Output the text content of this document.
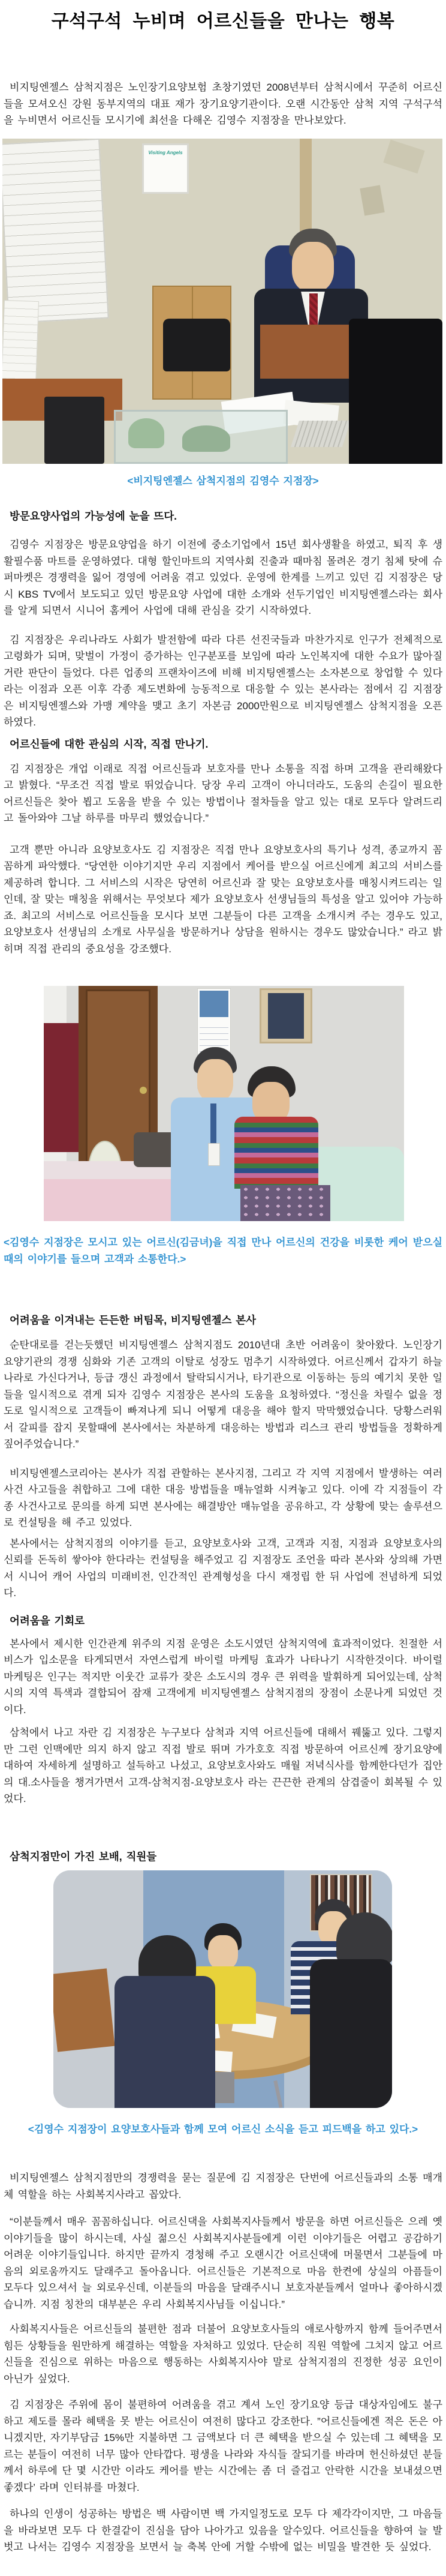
구석구석 누비며 어르신들을 만나는 행복

비지팅엔젤스 삼척지점은 노인장기요양보험 초창기였던 2008년부터 삼척시에서 꾸준히 어르신들을 모셔오신 강원 동부지역의 대표 재가 장기요양기관이다. 오랜 시간동안 삼척 지역 구석구석을 누비면서 어르신들 모시기에 최선을 다해온 김영수 지점장을 만나보았다.

Visiting Angels
<비지팅엔젤스 삼척지점의 김영수 지점장>
방문요양사업의 가능성에 눈을 뜨다.

김영수 지점장은 방문요양업을 하기 이전에 중소기업에서 15년 회사생활을 하였고, 퇴직 후 생활필수품 마트를 운영하였다. 대형 할인마트의 지역사회 진출과 때마침 몰려온 경기 침체 탓에 슈퍼마켓은 경쟁력을 잃어 경영에 어려움 겪고 있었다. 운영에 한계를 느끼고 있던 김 지점장은 당시 KBS TV에서 보도되고 있던 방문요양 사업에 대한 소개와 선두기업인 비지팅엔젤스라는 회사를 알게 되면서 시니어 홈케어 사업에 대해 관심을 갖기 시작하였다.

김 지점장은 우리나라도 사회가 발전함에 따라 다른 선진국들과 마찬가지로 인구가 전체적으로 고령화가 되며, 맞벌이 가정이 증가하는 인구분포를 보임에 따라 노인복지에 대한 수요가 많아질 거란 판단이 들었다. 다른 업종의 프랜차이즈에 비해 비지팅엔젤스는 소자본으로 창업할 수 있다라는 이점과 오픈 이후 각종 제도변화에 능동적으로 대응할 수 있는 본사라는 점에서 김 지점장은 비지팅엔젤스와 가맹 계약을 맺고 초기 자본금 2000만원으로 비지팅엔젤스 삼척지점을 오픈하였다.

어르신들에 대한 관심의 시작, 직접 만나기.

김 지점장은 개업 이래로 직접 어르신들과 보호자를 만나 소통을 직접 하며 고객을 관리해왔다고 밝혔다. “무조건 직접 발로 뛰었습니다. 당장 우리 고객이 아니더라도, 도움의 손길이 필요한 어르신들은 찾아 뵙고 도움을 받을 수 있는 방법이나 절차들을 알고 있는 대로 모두다 알려드리고 돌아와야 그날 하루를 마무리 했었습니다.”

고객 뿐만 아니라 요양보호사도 김 지점장은 직접 만나 요양보호사의 특기나 성격, 종교까지 꼼꼼하게 파악했다. “당연한 이야기지만 우리 지점에서 케어를 받으실 어르신에게 최고의 서비스를 제공하려 합니다. 그 서비스의 시작은 당연히 어르신과 잘 맞는 요양보호사를 매칭시켜드리는 일인데, 잘 맞는 매칭을 위해서는 무엇보다 제가 요양보호사 선생님들의 특성을 알고 있어야 가능하죠. 최고의 서비스로 어르신들을 모시다 보면 그분들이 다른 고객을 소개시켜 주는 경우도 있고, 요양보호사 선생님의 소개로 사무실을 방문하거나 상담을 원하시는 경우도 많았습니다.” 라고 밝히며 직접 관리의 중요성을 강조했다.

<김영수 지점장은 모시고 있는 어르신(김금녀)을 직접 만나 어르신의 건강을 비롯한 케어 받으실 때의 이야기를 들으며 고객과 소통한다.>
어려움을 이겨내는 든든한 버팀목, 비지팅엔젤스 본사

순탄대로를 걷는듯했던 비지팅엔젤스 삼척지점도 2010년대 초반 어려움이 찾아왔다. 노인장기요양기관의 경쟁 심화와 기존 고객의 이탈로 성장도 멈추기 시작하였다. 어르신께서 갑자기 하늘나라로 가신다거나, 등급 갱신 과정에서 탈락되시거나, 타기관으로 이동하는 등의 예기치 못한 일들을 일시적으로 겪게 되자 김영수 지점장은 본사의 도움을 요청하였다. “정신을 차릴수 없을 정도로 일시적으로 고객들이 빠져나게 되니 어떻게 대응을 해야 할지 막막했었습니다. 당황스러워서 갈피를 잡지 못할때에 본사에서는 차분하게 대응하는 방법과 리스크 관리 방법들을 정확하게 짚어주었습니다.”

비지팅엔젤스코리아는 본사가 직접 관할하는 본사지점, 그리고 각 지역 지점에서 발생하는 여러 사건 사고들을 취합하고 그에 대한 대응 방법들을 매뉴얼화 시켜놓고 있다. 이에 각 지점들이 각종 사건사고로 문의를 하게 되면 본사에는 해결방안 매뉴얼을 공유하고, 각 상황에 맞는 솔루션으로 컨설팅을 해 주고 있었다.

본사에서는 삼척지점의 이야기를 듣고, 요양보호사와 고객, 고객과 지점, 지점과 요양보호사의 신뢰를 돈독히 쌓아야 한다라는 컨설팅을 해주었고 김 지점장도 조언을 따라 본사와 상의해 가면서 시니어 캐어 사업의 미래비전, 인간적인 관계형성을 다시 재정립 한 뒤 사업에 전념하게 되었다.

어려움을 기회로

본사에서 제시한 인간관계 위주의 지점 운영은 소도시였던 삼척지역에 효과적이었다. 친절한 서비스가 입소문을 타게되면서 자연스럽게 바이럴 마케팅 효과가 나타나기 시작한것이다. 바이럴 마케팅은 인구는 적지만 이웃간 교류가 잦은 소도시의 경우 큰 위력을 발휘하게 되어있는데, 삼척시의 지역 특색과 결합되어 잠재 고객에게 비지팅엔젤스 삼척지점의 장점이 소문나게 되었던 것이다.

삼척에서 나고 자란 김 지점장은 누구보다 삼척과 지역 어르신들에 대해서 꿰뚫고 있다. 그렇지만 그런 인맥에만 의지 하지 않고 직접 발로 뛰며 가가호호 직접 방문하여 어르신께 장기요양에 대하여 자세하게 설명하고 설득하고 나섰고, 요양보호사와도 매월 저녁식사를 함께한다던가 집안의 대.소사들을 챙겨가면서 고객-삼척지점-요양보호사 라는 끈끈한 관계의 삼겹줄이 회복될 수 있었다.

삼척지점만이 가진 보배, 직원들
<김영수 지점장이 요양보호사들과 함께 모여 어르신 소식을 듣고 피드백을 하고 있다.>

비지팅엔젤스 삼척지점만의 경쟁력을 묻는 질문에 김 지점장은 단번에 어르신들과의 소통 매개체 역할을 하는 사회복지사라고 꼽았다.

“이분들께서 매우 꼼꼼하십니다. 어르신댁을 사회복지사들께서 방문을 하면 어르신들은 으레 옛 이야기들을 많이 하시는데, 사실 젊으신 사회복지사분들에게 이런 이야기들은 어렵고 공감하기 어려운 이야기들입니다. 하지만 끝까지 경청해 주고 오랜시간 어르신댁에 머물면서 그분들에 마음의 외로움까지도 달래주고 돌아옵니다. 어르신들은 기본적으로 마음 한켠에 상실의 아픔들이 모두다 있으셔서 늘 외로우신데, 이분들의 마음을 달래주시니 보호자분들께서 얼마나 좋아하시겠습니까. 지점 칭찬의 대부분은 우리 사회복지사님들 이십니다.”

사회복지사들은 어르신들의 불편한 점과 더불어 요양보호사들의 애로사항까지 함께 들어주면서 힘든 상황들을 원만하게 해결하는 역할을 자처하고 있었다. 단순히 직원 역할에 그치지 않고 어르신들을 진심으로 위하는 마음으로 행동하는 사회복지사야 말로 삼척지점의 진정한 성공 요인이 아닌가 싶었다.

김 지점장은 주위에 몸이 불편하여 어려움을 겪고 계셔 노인 장기요양 등급 대상자임에도 불구하고 제도를 몰라 혜택을 못 받는 어르신이 여전히 많다고 강조한다. ”어르신들에겐 적은 돈은 아니겠지만, 자기부담금 15%만 지불하면 그 금액보다 더 큰 혜택을 받으실 수 있는데 그 혜택을 모르는 분들이 여전히 너무 많아 안타깝다. 평생을 나라와 자식들 잘되기를 바라며 헌신하셨던 분들께서 하루에 단 몇 시간만 이라도 케어를 받는 시간에는 좀 더 즐겁고 안락한 시간을 보내셨으면 좋겠다’ 라며 인터뷰를 마쳤다.

하나의 인생이 성공하는 방법은 백 사람이면 백 가지일정도로 모두 다 제각각이지만, 그 마음들을 바라보면 모두 다 한결같이 진심을 담아 나아가고 있음을 알수있다. 어르신들을 향하여 늘 발벗고 나서는 김영수 지점장을 보면서 늘 축복 안에 거할 수밖에 없는 비밀을 발견한 듯 싶었다.
